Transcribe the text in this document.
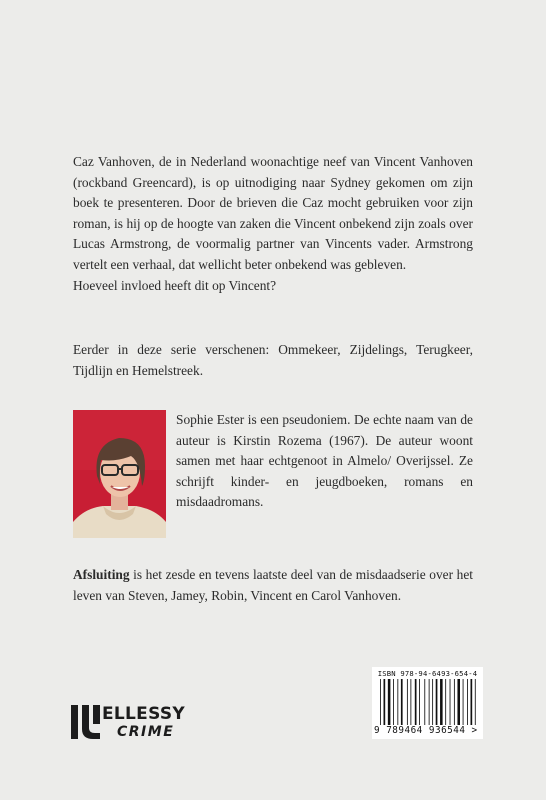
Caz Vanhoven, de in Nederland woonachtige neef van Vincent Vanhoven (rockband Greencard), is op uitnodiging naar Sydney gekomen om zijn boek te presenteren. Door de brieven die Caz mocht gebruiken voor zijn roman, is hij op de hoogte van zaken die Vincent onbekend zijn zoals over Lucas Armstrong, de voormalig partner van Vincents vader. Armstrong vertelt een verhaal, dat wellicht beter onbekend was gebleven.

Hoeveel invloed heeft dit op Vincent?

Eerder in deze serie verschenen: Ommekeer, Zijdelings, Terugkeer, Tijdlijn en Hemelstreek.

Sophie Ester is een pseudoniem. De echte naam van de auteur is Kirstin Rozema (1967). De auteur woont samen met haar echtgenoot in Almelo/ Overijssel. Ze schrijft kinder- en jeugdboeken, romans en misdaadromans.

Afsluiting is het zesde en tevens laatste deel van de misdaadserie over het leven van Steven, Jamey, Robin, Vincent en Carol Vanhoven.

ISBN 978-94-6493-654-4
9 789464 936544 >
ELLESSY
CRIME
